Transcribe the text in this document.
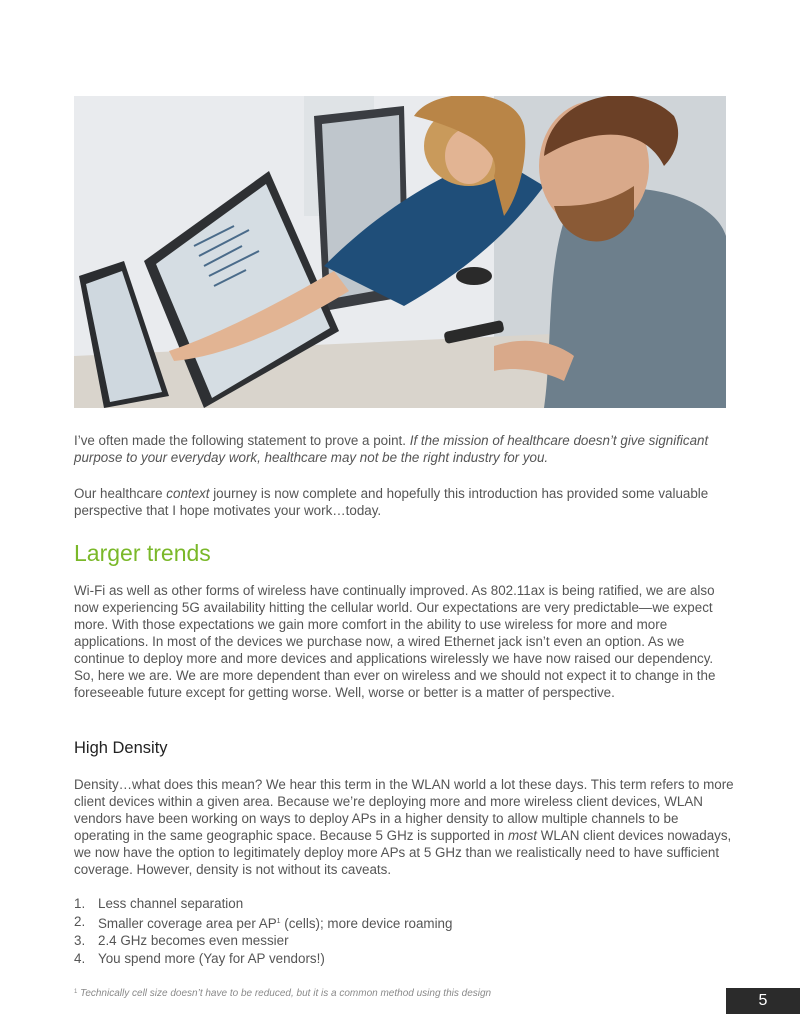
I’ve often made the following statement to prove a point. If the mission of healthcare doesn’t give significant purpose to your everyday work, healthcare may not be the right industry for you.

Our healthcare context journey is now complete and hopefully this introduction has provided some valuable perspective that I hope motivates your work…today.

Larger trends

Wi-Fi as well as other forms of wireless have continually improved. As 802.11ax is being ratified, we are also now experiencing 5G availability hitting the cellular world. Our expectations are very predictable—we expect more. With those expectations we gain more comfort in the ability to use wireless for more and more applications. In most of the devices we purchase now, a wired Ethernet jack isn’t even an option. As we continue to deploy more and more devices and applications wirelessly we have now raised our dependency. So, here we are. We are more dependent than ever on wireless and we should not expect it to change in the foreseeable future except for getting worse. Well, worse or better is a matter of perspective.

High Density

Density…what does this mean? We hear this term in the WLAN world a lot these days. This term refers to more client devices within a given area. Because we’re deploying more and more wireless client devices, WLAN vendors have been working on ways to deploy APs in a higher density to allow multiple channels to be operating in the same geographic space. Because 5 GHz is supported in most WLAN client devices nowadays, we now have the option to legitimately deploy more APs at 5 GHz than we realistically need to have sufficient coverage. However, density is not without its caveats.

1. Less channel separation
2. Smaller coverage area per $AP^1$ (cells); more device roaming
3. 2.4 GHz becomes even messier
4. You spend more (Yay for AP vendors!)

$^1$ Technically cell size doesn’t have to be reduced, but it is a common method using this design	5
